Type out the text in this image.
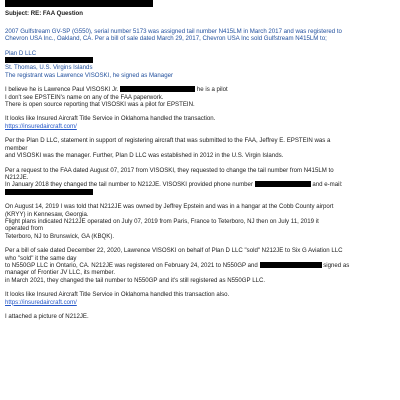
Subject: RE: FAA Question
2007 Gulfstream GV-SP (G550), serial number 5173 was assigned tail number N415LM in March 2017 and was registered to
Chevron USA Inc., Oakland, CA. Per a bill of sale dated March 29, 2017, Chevron USA Inc sold Gulfstream N415LM to;
Plan D LLC
St. Thomas, U.S. Virgins Islands
The registrant was Lawrence VISOSKI, he signed as Manager
I believe he is Lawrence Paul VISOSKI Jr.	he is a pilot
I don't see EPSTEIN's name on any of the FAA paperwork.
There is open source reporting that VISOSKI was a pilot for EPSTEIN.
It looks like Insured Aircraft Title Service in Oklahoma handled the transaction.
https://insuredaircraft.com/
Per the Plan D LLC, statement in support of registering aircraft that was submitted to the FAA, Jeffrey E. EPSTEIN was a
member
and VISOSKI was the manager. Further, Plan D LLC was established in 2012 in the U.S. Virgin Islands.
Per a request to the FAA dated August 07, 2017 from VISOSKI, they requested to change the tail number from N415LM to
N212JE.
In January 2018 they changed the tail number to N212JE. VISOSKI provided phone number	and e-mail:
On August 14, 2019 I was told that N212JE was owned by Jeffrey Epstein and was in a hangar at the Cobb County airport
(KRYY) in Kennesaw, Georgia.
Flight plans indicated N212JE operated on July 07, 2019 from Paris, France to Teterboro, NJ then on July 11, 2019 it
operated from
Teterboro, NJ to Brunswick, GA (KBQK).
Per a bill of sale dated December 22, 2020, Lawrence VISOSKI on behalf of Plan D LLC "sold" N212JE to Six G Aviation LLC
who "sold" it the same day
to N550GP LLC in Ontario, CA. N212JE was registered on February 24, 2021 to N550GP and	signed as
manager of Frontier JV LLC, its member.
in March 2021, they changed the tail number to N550GP and it's still registered as N550GP LLC.
It looks like Insured Aircraft Title Service in Oklahoma handled this transaction also.
https://insuredaircraft.com/
I attached a picture of N212JE.
